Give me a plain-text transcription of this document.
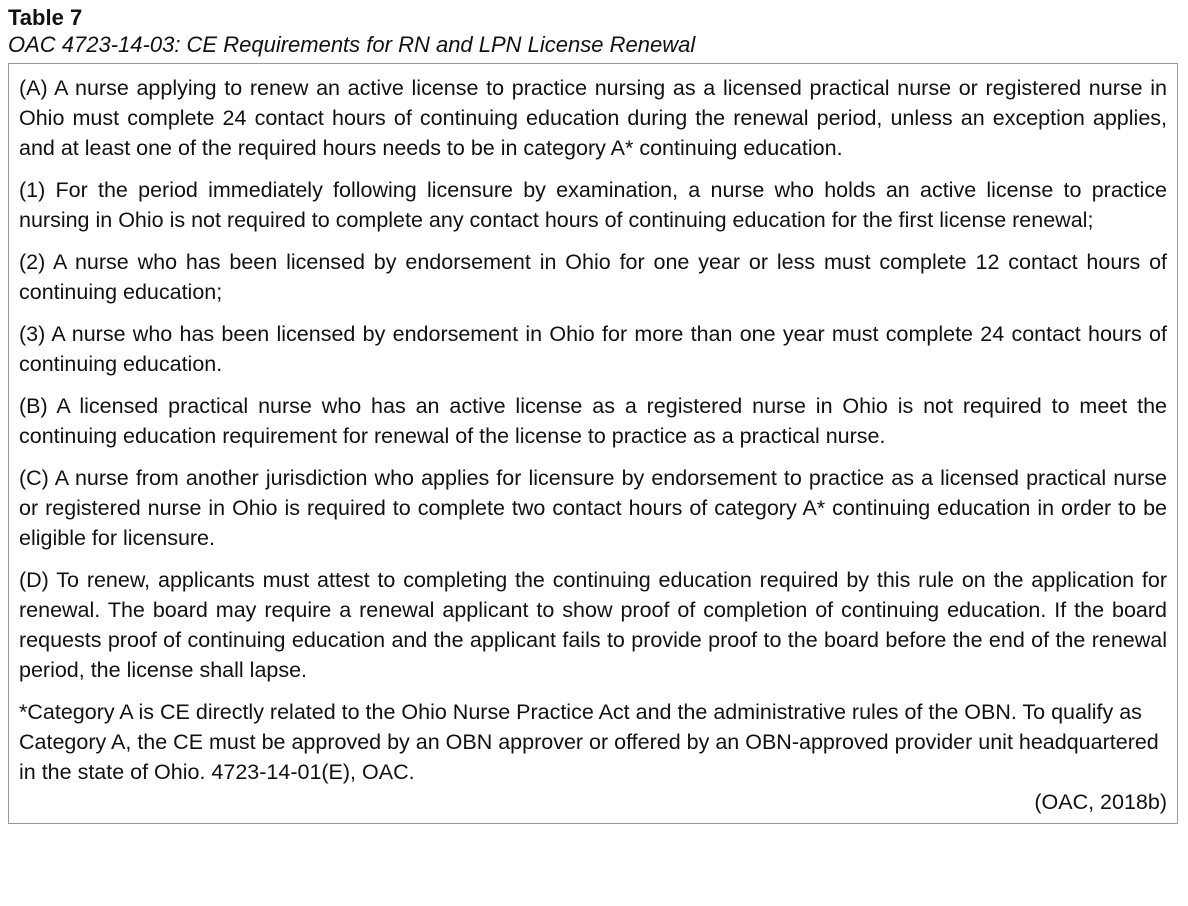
Table 7

OAC 4723-14-03: CE Requirements for RN and LPN License Renewal

(A) A nurse applying to renew an active license to practice nursing as a licensed practical nurse or registered nurse in Ohio must complete 24 contact hours of continuing education during the renewal period, unless an exception applies, and at least one of the required hours needs to be in category A* continuing education.

(1) For the period immediately following licensure by examination, a nurse who holds an active license to practice nursing in Ohio is not required to complete any contact hours of continuing education for the first license renewal;

(2) A nurse who has been licensed by endorsement in Ohio for one year or less must complete 12 contact hours of continuing education;

(3) A nurse who has been licensed by endorsement in Ohio for more than one year must complete 24 contact hours of continuing education.

(B) A licensed practical nurse who has an active license as a registered nurse in Ohio is not required to meet the continuing education requirement for renewal of the license to practice as a practical nurse.

(C) A nurse from another jurisdiction who applies for licensure by endorsement to practice as a licensed practical nurse or registered nurse in Ohio is required to complete two contact hours of category A* continuing education in order to be eligible for licensure.

(D) To renew, applicants must attest to completing the continuing education required by this rule on the application for renewal. The board may require a renewal applicant to show proof of completion of continuing education. If the board requests proof of continuing education and the applicant fails to provide proof to the board before the end of the renewal period, the license shall lapse.

*Category A is CE directly related to the Ohio Nurse Practice Act and the administrative rules of the OBN. To qualify as Category A, the CE must be approved by an OBN approver or offered by an OBN-approved provider unit headquartered in the state of Ohio. 4723-14-01(E), OAC.

(OAC, 2018b)
